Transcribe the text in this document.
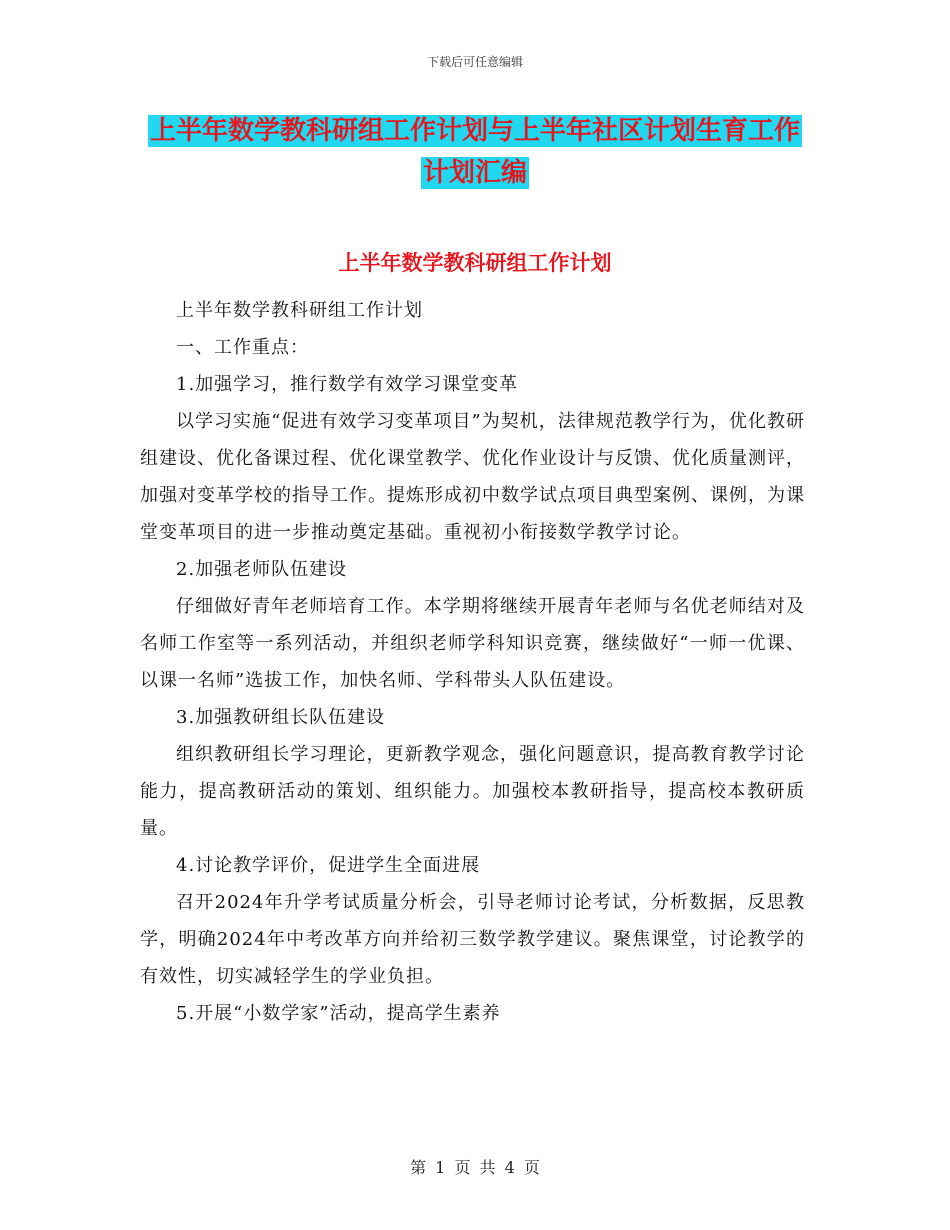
下载后可任意编辑
上半年数学教科研组工作计划与上半年社区计划生育工作计划汇编
上半年数学教科研组工作计划

上半年数学教科研组工作计划

一、工作重点：

1.加强学习，推行数学有效学习课堂变革

以学习实施“促进有效学习变革项目”为契机，法律规范教学行为，优化教研组建设、优化备课过程、优化课堂教学、优化作业设计与反馈、优化质量测评，加强对变革学校的指导工作。提炼形成初中数学试点项目典型案例、课例，为课堂变革项目的进一步推动奠定基础。重视初小衔接数学教学讨论。

2.加强老师队伍建设

仔细做好青年老师培育工作。本学期将继续开展青年老师与名优老师结对及名师工作室等一系列活动，并组织老师学科知识竞赛，继续做好“一师一优课、以课一名师”选拔工作，加快名师、学科带头人队伍建设。

3.加强教研组长队伍建设

组织教研组长学习理论，更新教学观念，强化问题意识，提高教育教学讨论能力，提高教研活动的策划、组织能力。加强校本教研指导，提高校本教研质量。

4.讨论教学评价，促进学生全面进展

召开2024年升学考试质量分析会，引导老师讨论考试，分析数据，反思教学，明确2024年中考改革方向并给初三数学教学建议。聚焦课堂，讨论教学的有效性，切实减轻学生的学业负担。

5.开展“小数学家”活动，提高学生素养

第 1 页 共 4 页
